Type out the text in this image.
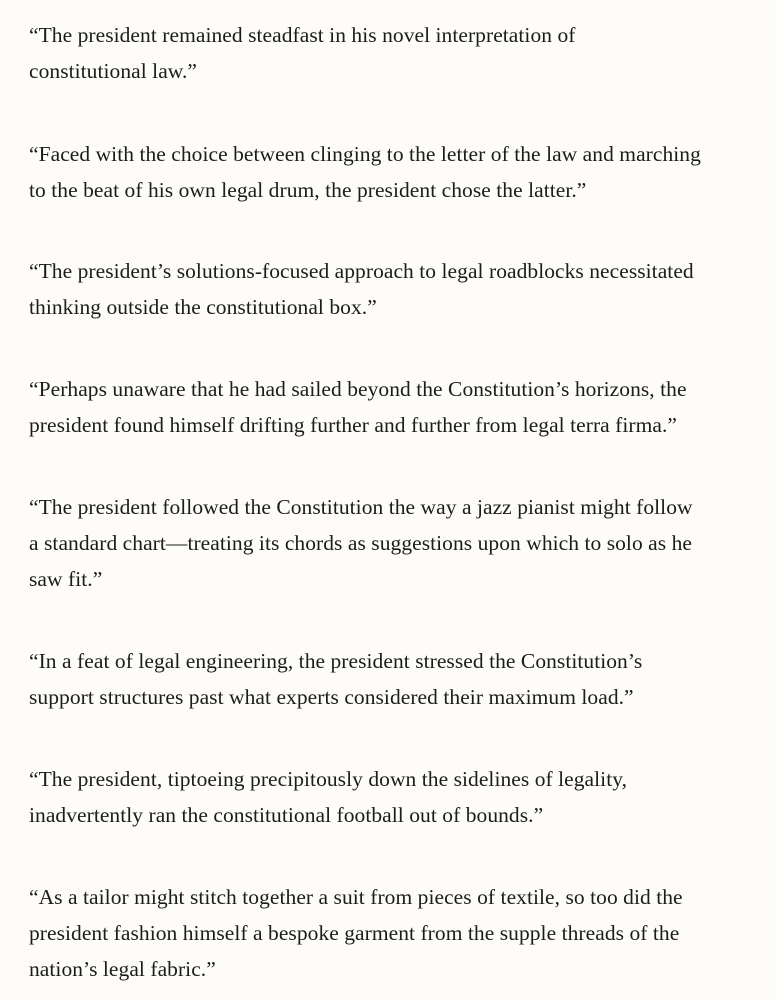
“The president remained steadfast in his novel interpretation of
constitutional law.”

“Faced with the choice between clinging to the letter of the law and marching
to the beat of his own legal drum, the president chose the latter.”

“The president’s solutions-focused approach to legal roadblocks necessitated
thinking outside the constitutional box.”

“Perhaps unaware that he had sailed beyond the Constitution’s horizons, the
president found himself drifting further and further from legal terra firma.”

“The president followed the Constitution the way a jazz pianist might follow
a standard chart—treating its chords as suggestions upon which to solo as he
saw fit.”

“In a feat of legal engineering, the president stressed the Constitution’s
support structures past what experts considered their maximum load.”

“The president, tiptoeing precipitously down the sidelines of legality,
inadvertently ran the constitutional football out of bounds.”

“As a tailor might stitch together a suit from pieces of textile, so too did the
president fashion himself a bespoke garment from the supple threads of the
nation’s legal fabric.”
